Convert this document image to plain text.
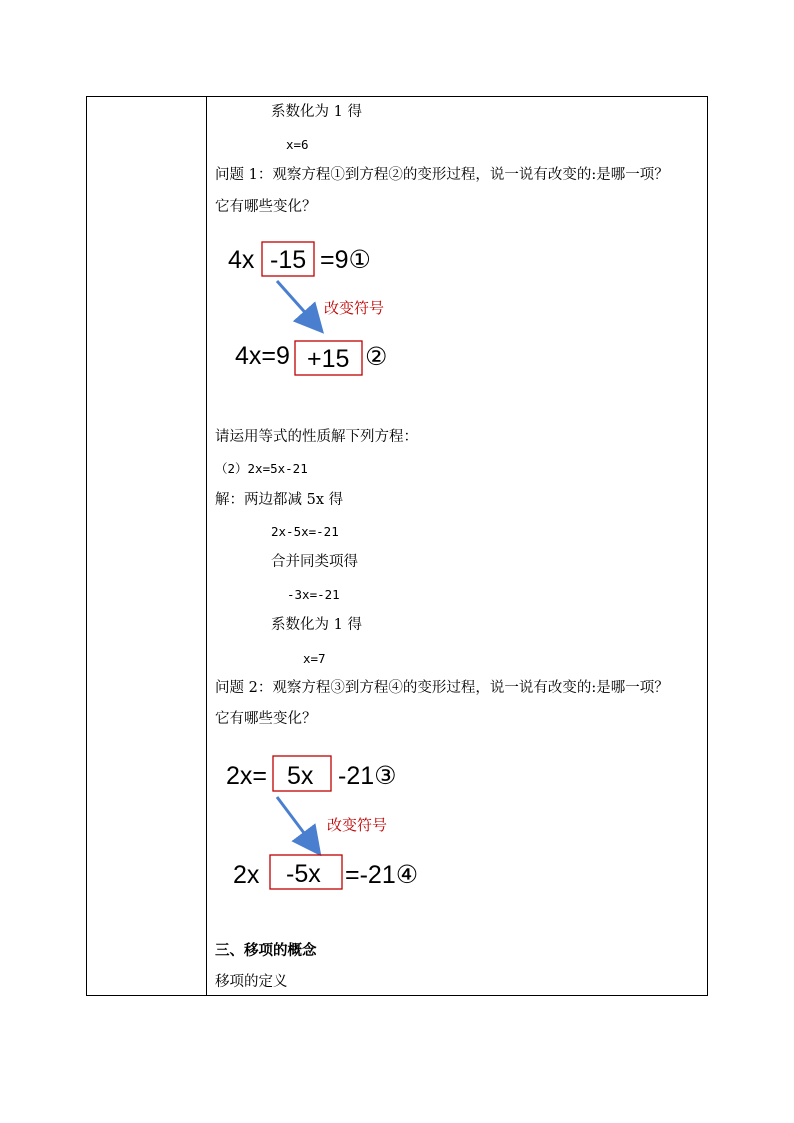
系数化为 1 得
x=6
问题 1：观察方程①到方程②的变形过程，说一说有改变的:是哪一项？
它有哪些变化？
4x -15 =9①
改变符号
4x=9 +15 ②
请运用等式的性质解下列方程：
（2）2x=5x-21
解：两边都减 5x 得
2x-5x=-21
合并同类项得
-3x=-21
系数化为 1 得
x=7
问题 2：观察方程③到方程④的变形过程，说一说有改变的:是哪一项？
它有哪些变化？
2x= 5x -21③
改变符号
2x -5x =-21④
三、移项的概念
移项的定义
